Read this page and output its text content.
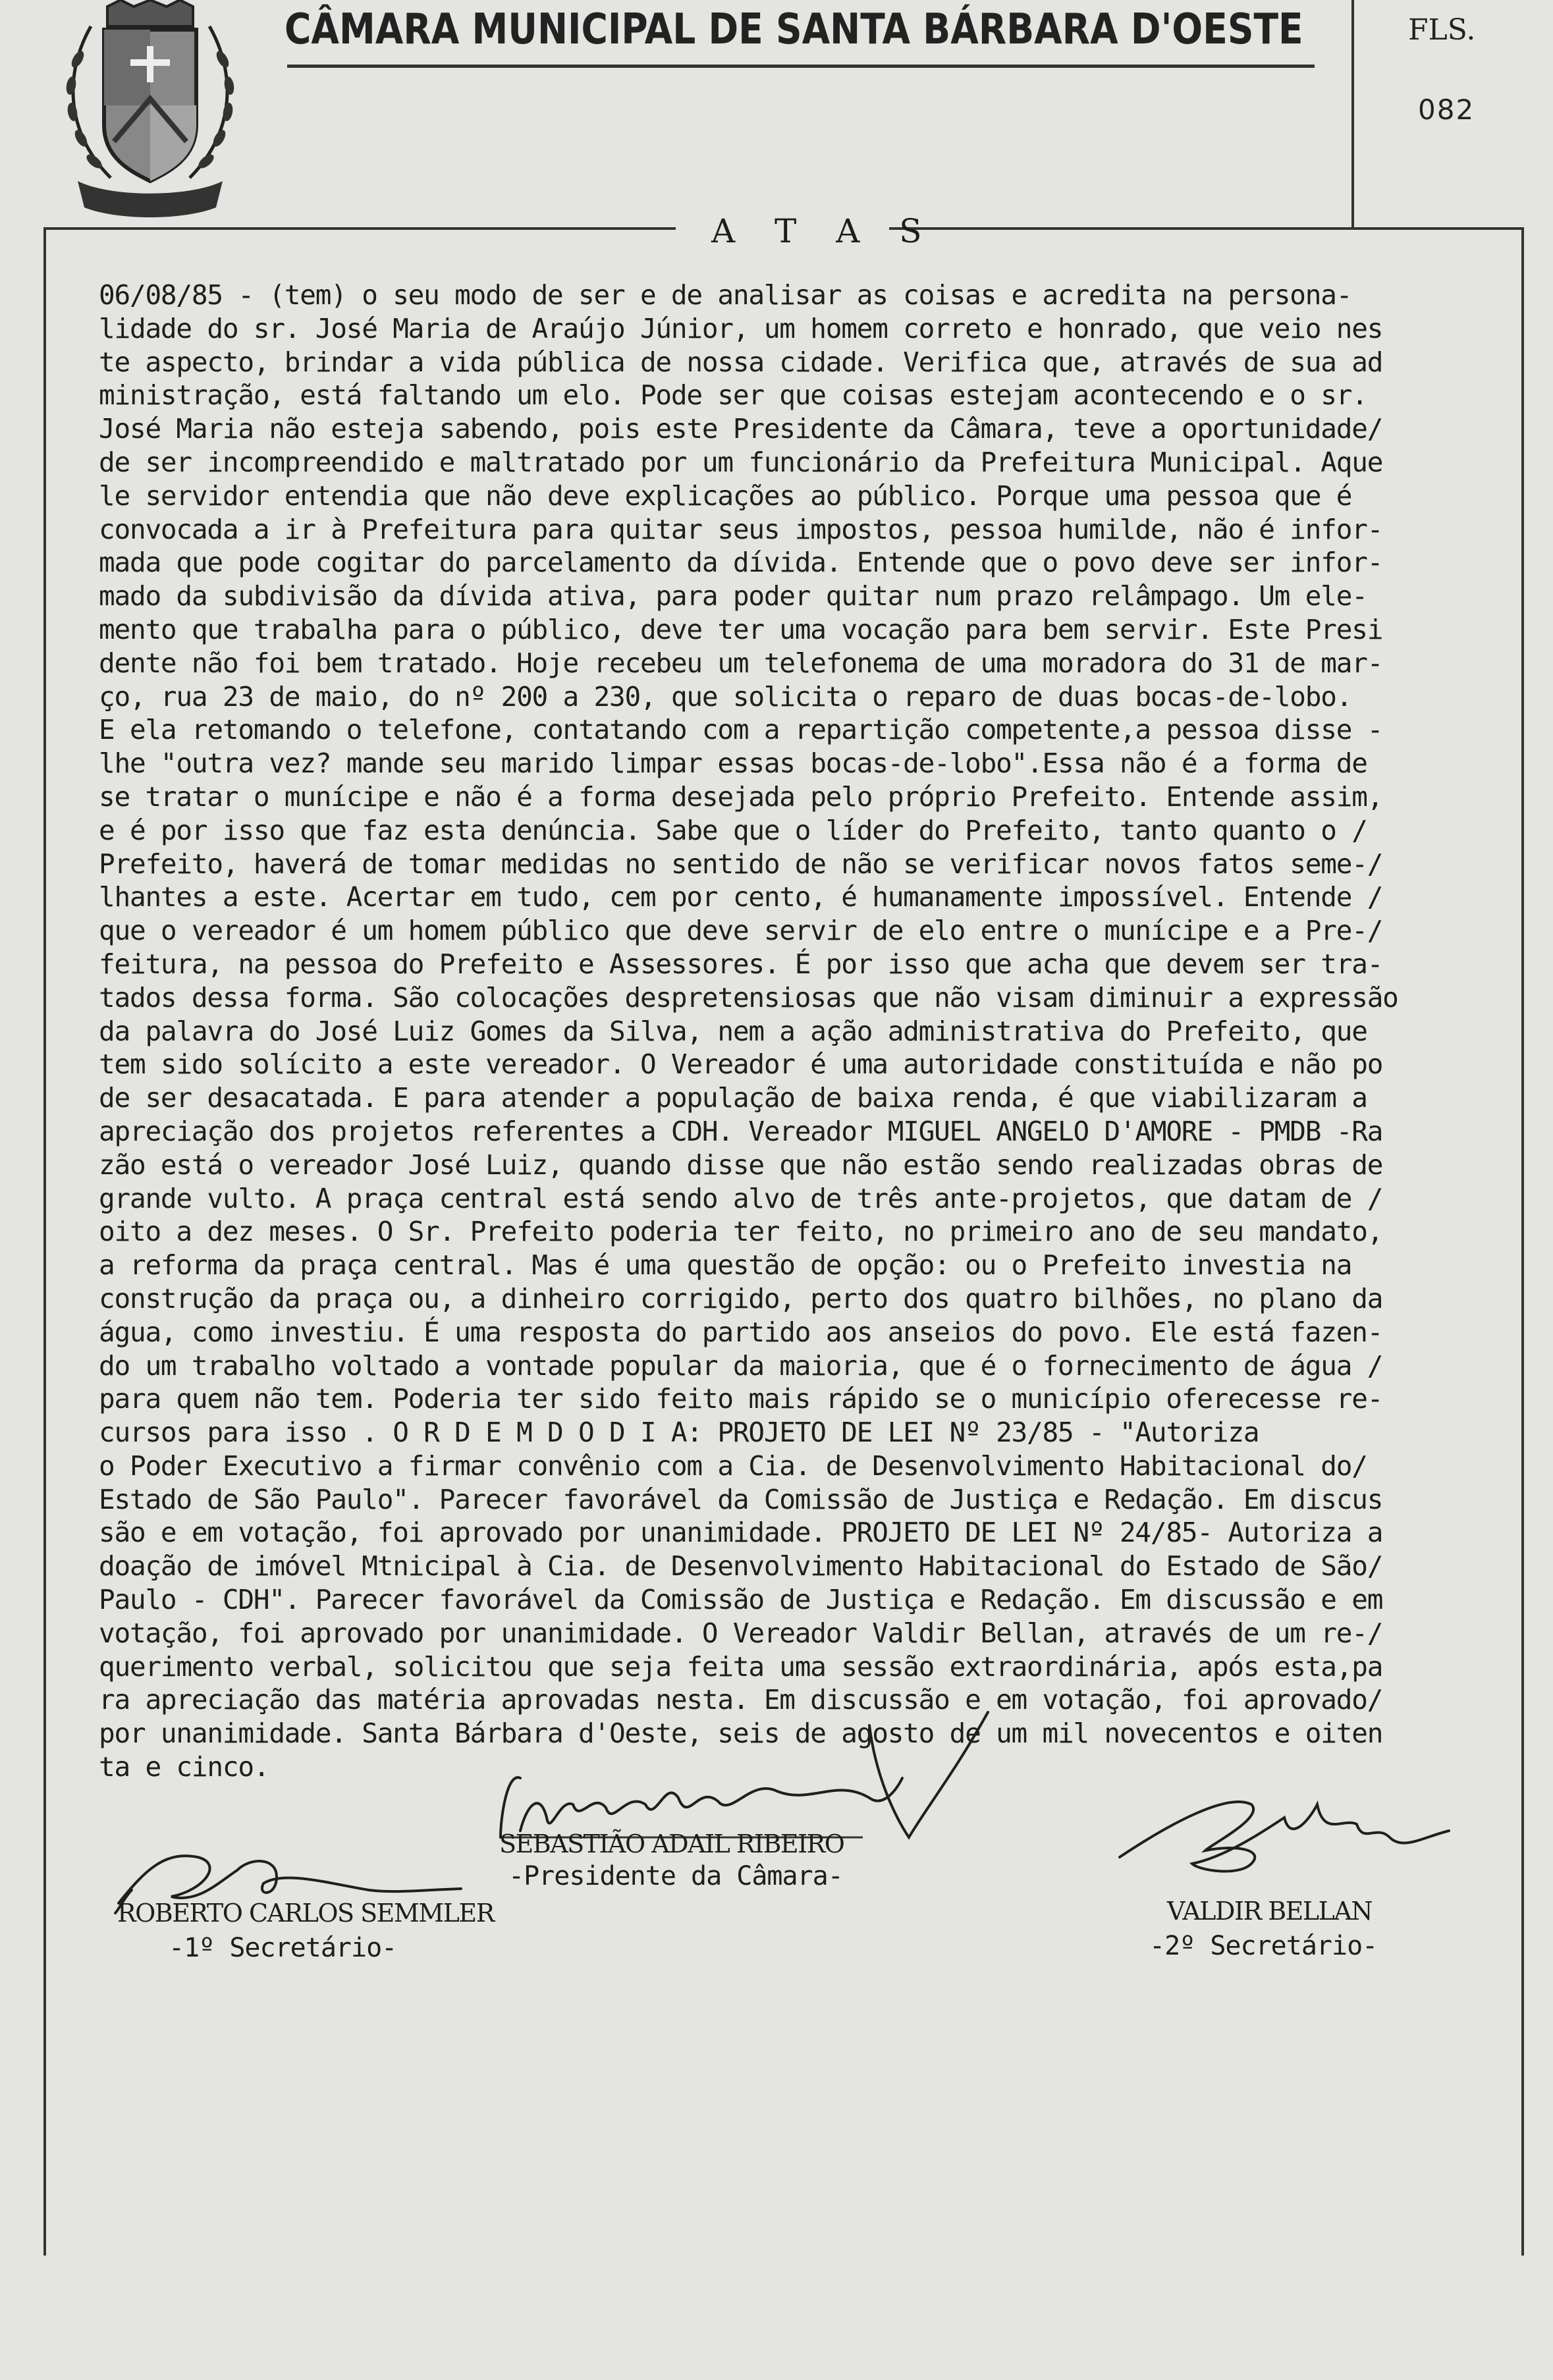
CÂMARA MUNICIPAL DE SANTA BÁRBARA D'OESTE	FLS.
082
A T A S
06/08/85 - (tem) o seu modo de ser e de analisar as coisas e acredita na persona-
lidade do sr. José Maria de Araújo Júnior, um homem correto e honrado, que veio nes
te aspecto, brindar a vida pública de nossa cidade. Verifica que, através de sua ad
ministração, está faltando um elo. Pode ser que coisas estejam acontecendo e o sr.
José Maria não esteja sabendo, pois este Presidente da Câmara, teve a oportunidade/
de ser incompreendido e maltratado por um funcionário da Prefeitura Municipal. Aque
le servidor entendia que não deve explicações ao público. Porque uma pessoa que é
convocada a ir à Prefeitura para quitar seus impostos, pessoa humilde, não é infor-
mada que pode cogitar do parcelamento da dívida. Entende que o povo deve ser infor-
mado da subdivisão da dívida ativa, para poder quitar num prazo relâmpago. Um ele-
mento que trabalha para o público, deve ter uma vocação para bem servir. Este Presi
dente não foi bem tratado. Hoje recebeu um telefonema de uma moradora do 31 de mar-
ço, rua 23 de maio, do nº 200 a 230, que solicita o reparo de duas bocas-de-lobo.
E ela retomando o telefone, contatando com a repartição competente,a pessoa disse -
lhe "outra vez? mande seu marido limpar essas bocas-de-lobo".Essa não é a forma de
se tratar o munícipe e não é a forma desejada pelo próprio Prefeito. Entende assim,
e é por isso que faz esta denúncia. Sabe que o líder do Prefeito, tanto quanto o /
Prefeito, haverá de tomar medidas no sentido de não se verificar novos fatos seme-/
lhantes a este. Acertar em tudo, cem por cento, é humanamente impossível. Entende /
que o vereador é um homem público que deve servir de elo entre o munícipe e a Pre-/
feitura, na pessoa do Prefeito e Assessores. É por isso que acha que devem ser tra-
tados dessa forma. São colocações despretensiosas que não visam diminuir a expressão
da palavra do José Luiz Gomes da Silva, nem a ação administrativa do Prefeito, que
tem sido solícito a este vereador. O Vereador é uma autoridade constituída e não po
de ser desacatada. E para atender a população de baixa renda, é que viabilizaram a
apreciação dos projetos referentes a CDH. Vereador MIGUEL ANGELO D'AMORE - PMDB -Ra
zão está o vereador José Luiz, quando disse que não estão sendo realizadas obras de
grande vulto. A praça central está sendo alvo de três ante-projetos, que datam de /
oito a dez meses. O Sr. Prefeito poderia ter feito, no primeiro ano de seu mandato,
a reforma da praça central. Mas é uma questão de opção: ou o Prefeito investia na
construção da praça ou, a dinheiro corrigido, perto dos quatro bilhões, no plano da
água, como investiu. É uma resposta do partido aos anseios do povo. Ele está fazen-
do um trabalho voltado a vontade popular da maioria, que é o fornecimento de água /
para quem não tem. Poderia ter sido feito mais rápido se o município oferecesse re-
cursos para isso . O R D E M D O D I A: PROJETO DE LEI Nº 23/85 - "Autoriza
o Poder Executivo a firmar convênio com a Cia. de Desenvolvimento Habitacional do/
Estado de São Paulo". Parecer favorável da Comissão de Justiça e Redação. Em discus
são e em votação, foi aprovado por unanimidade. PROJETO DE LEI Nº 24/85- Autoriza a
doação de imóvel Mtnicipal à Cia. de Desenvolvimento Habitacional do Estado de São/
Paulo - CDH". Parecer favorável da Comissão de Justiça e Redação. Em discussão e em
votação, foi aprovado por unanimidade. O Vereador Valdir Bellan, através de um re-/
querimento verbal, solicitou que seja feita uma sessão extraordinária, após esta,pa
ra apreciação das matéria aprovadas nesta. Em discussão e em votação, foi aprovado/
por unanimidade. Santa Bárbara d'Oeste, seis de agosto de um mil novecentos e oiten
ta e cinco.
SEBASTIÃO ADAIL RIBEIRO
-Presidente da Câmara-
ROBERTO CARLOS SEMMLER
-1º Secretário-
VALDIR BELLAN
-2º Secretário-
